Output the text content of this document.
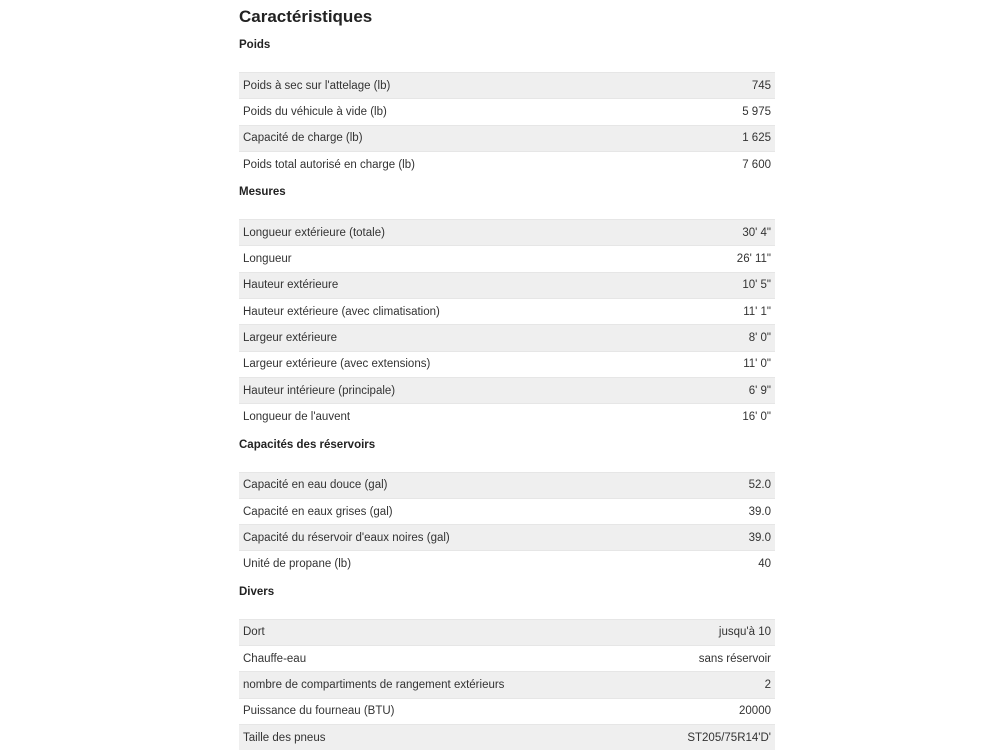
Caractéristiques
Poids
Poids à sec sur l'attelage (lb)	745
Poids du véhicule à vide (lb)	5 975
Capacité de charge (lb)	1 625
Poids total autorisé en charge (lb)	7 600
Mesures
Longueur extérieure (totale)	30' 4"
Longueur	26' 11"
Hauteur extérieure	10' 5"
Hauteur extérieure (avec climatisation)	11' 1"
Largeur extérieure	8' 0"
Largeur extérieure (avec extensions)	11' 0"
Hauteur intérieure (principale)	6' 9"
Longueur de l'auvent	16' 0"
Capacités des réservoirs
Capacité en eau douce (gal)	52.0
Capacité en eaux grises (gal)	39.0
Capacité du réservoir d'eaux noires (gal)	39.0
Unité de propane (lb)	40
Divers
Dort	jusqu'à 10
Chauffe-eau	sans réservoir
nombre de compartiments de rangement extérieurs	2
Puissance du fourneau (BTU)	20000
Taille des pneus	ST205/75R14'D'
